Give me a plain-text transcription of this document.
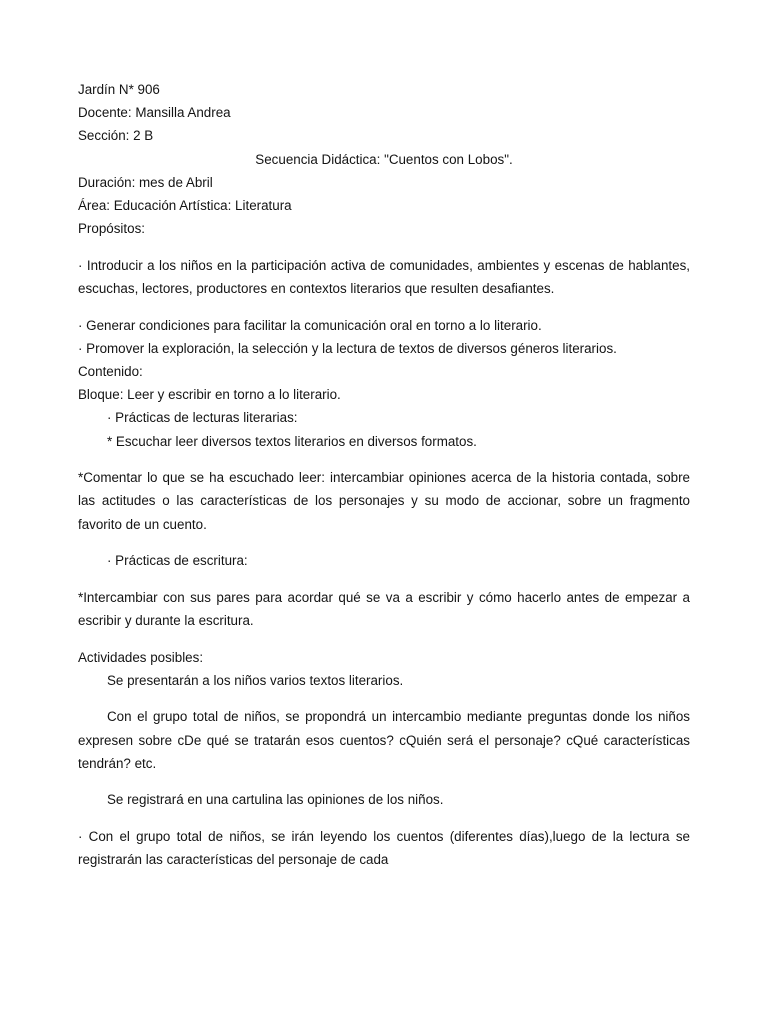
Jardín N* 906

Docente: Mansilla Andrea

Sección: 2 B

Secuencia Didáctica: "Cuentos con Lobos".

Duración: mes de Abril

Área: Educación Artística: Literatura

Propósitos:

· Introducir a los niños en la participación activa de comunidades, ambientes y escenas de hablantes, escuchas, lectores, productores en contextos literarios que resulten desafiantes.

· Generar condiciones para facilitar la comunicación oral en torno a lo literario.

· Promover la exploración, la selección y la lectura de textos de diversos géneros literarios.

Contenido:

Bloque: Leer y escribir en torno a lo literario.

· Prácticas de lecturas literarias:

* Escuchar leer diversos textos literarios en diversos formatos.

*Comentar lo que se ha escuchado leer: intercambiar opiniones acerca de la historia contada, sobre las actitudes o las características de los personajes y su modo de accionar, sobre un fragmento favorito de un cuento.

· Prácticas de escritura:

*Intercambiar con sus pares para acordar qué se va a escribir y cómo hacerlo antes de empezar a escribir y durante la escritura.

Actividades posibles:

Se presentarán a los niños varios textos literarios.

Con el grupo total de niños, se propondrá un intercambio mediante preguntas donde los niños expresen sobre cDe qué se tratarán esos cuentos? cQuién será el personaje? cQué características tendrán? etc.

Se registrará en una cartulina las opiniones de los niños.

· Con el grupo total de niños, se irán leyendo los cuentos (diferentes días),luego de la lectura se registrarán las características del personaje de cada
